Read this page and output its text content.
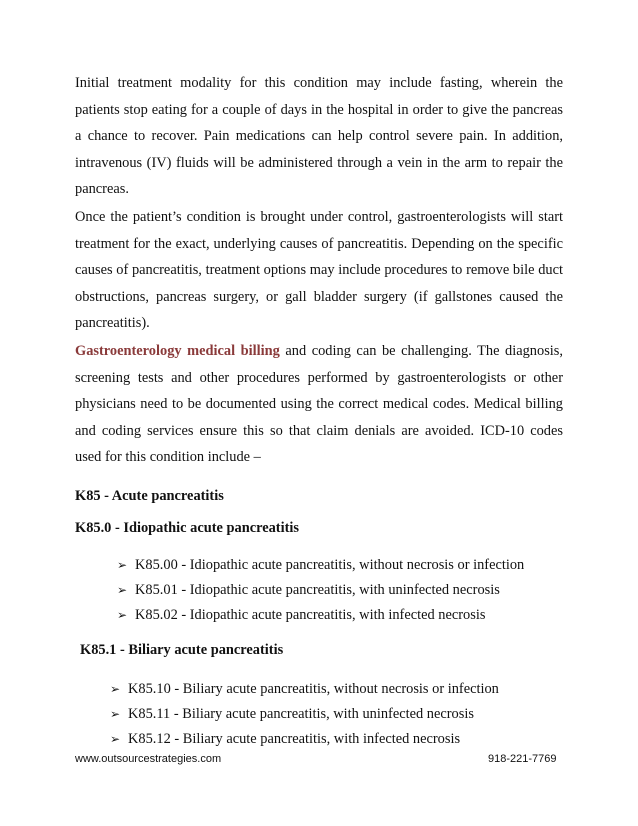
Initial treatment modality for this condition may include fasting, wherein the patients stop eating for a couple of days in the hospital in order to give the pancreas a chance to recover. Pain medications can help control severe pain. In addition, intravenous (IV) fluids will be administered through a vein in the arm to repair the pancreas.

Once the patient’s condition is brought under control, gastroenterologists will start treatment for the exact, underlying causes of pancreatitis. Depending on the specific causes of pancreatitis, treatment options may include procedures to remove bile duct obstructions, pancreas surgery, or gall bladder surgery (if gallstones caused the pancreatitis).

Gastroenterology medical billing and coding can be challenging. The diagnosis, screening tests and other procedures performed by gastroenterologists or other physicians need to be documented using the correct medical codes. Medical billing and coding services ensure this so that claim denials are avoided. ICD-10 codes used for this condition include –

K85 - Acute pancreatitis

K85.0 - Idiopathic acute pancreatitis

➢ K85.00 - Idiopathic acute pancreatitis, without necrosis or infection
➢ K85.01 - Idiopathic acute pancreatitis, with uninfected necrosis
➢ K85.02 - Idiopathic acute pancreatitis, with infected necrosis

K85.1 - Biliary acute pancreatitis

➢ K85.10 - Biliary acute pancreatitis, without necrosis or infection
➢ K85.11 - Biliary acute pancreatitis, with uninfected necrosis
➢ K85.12 - Biliary acute pancreatitis, with infected necrosis
www.outsourcestrategies.com	918-221-7769
